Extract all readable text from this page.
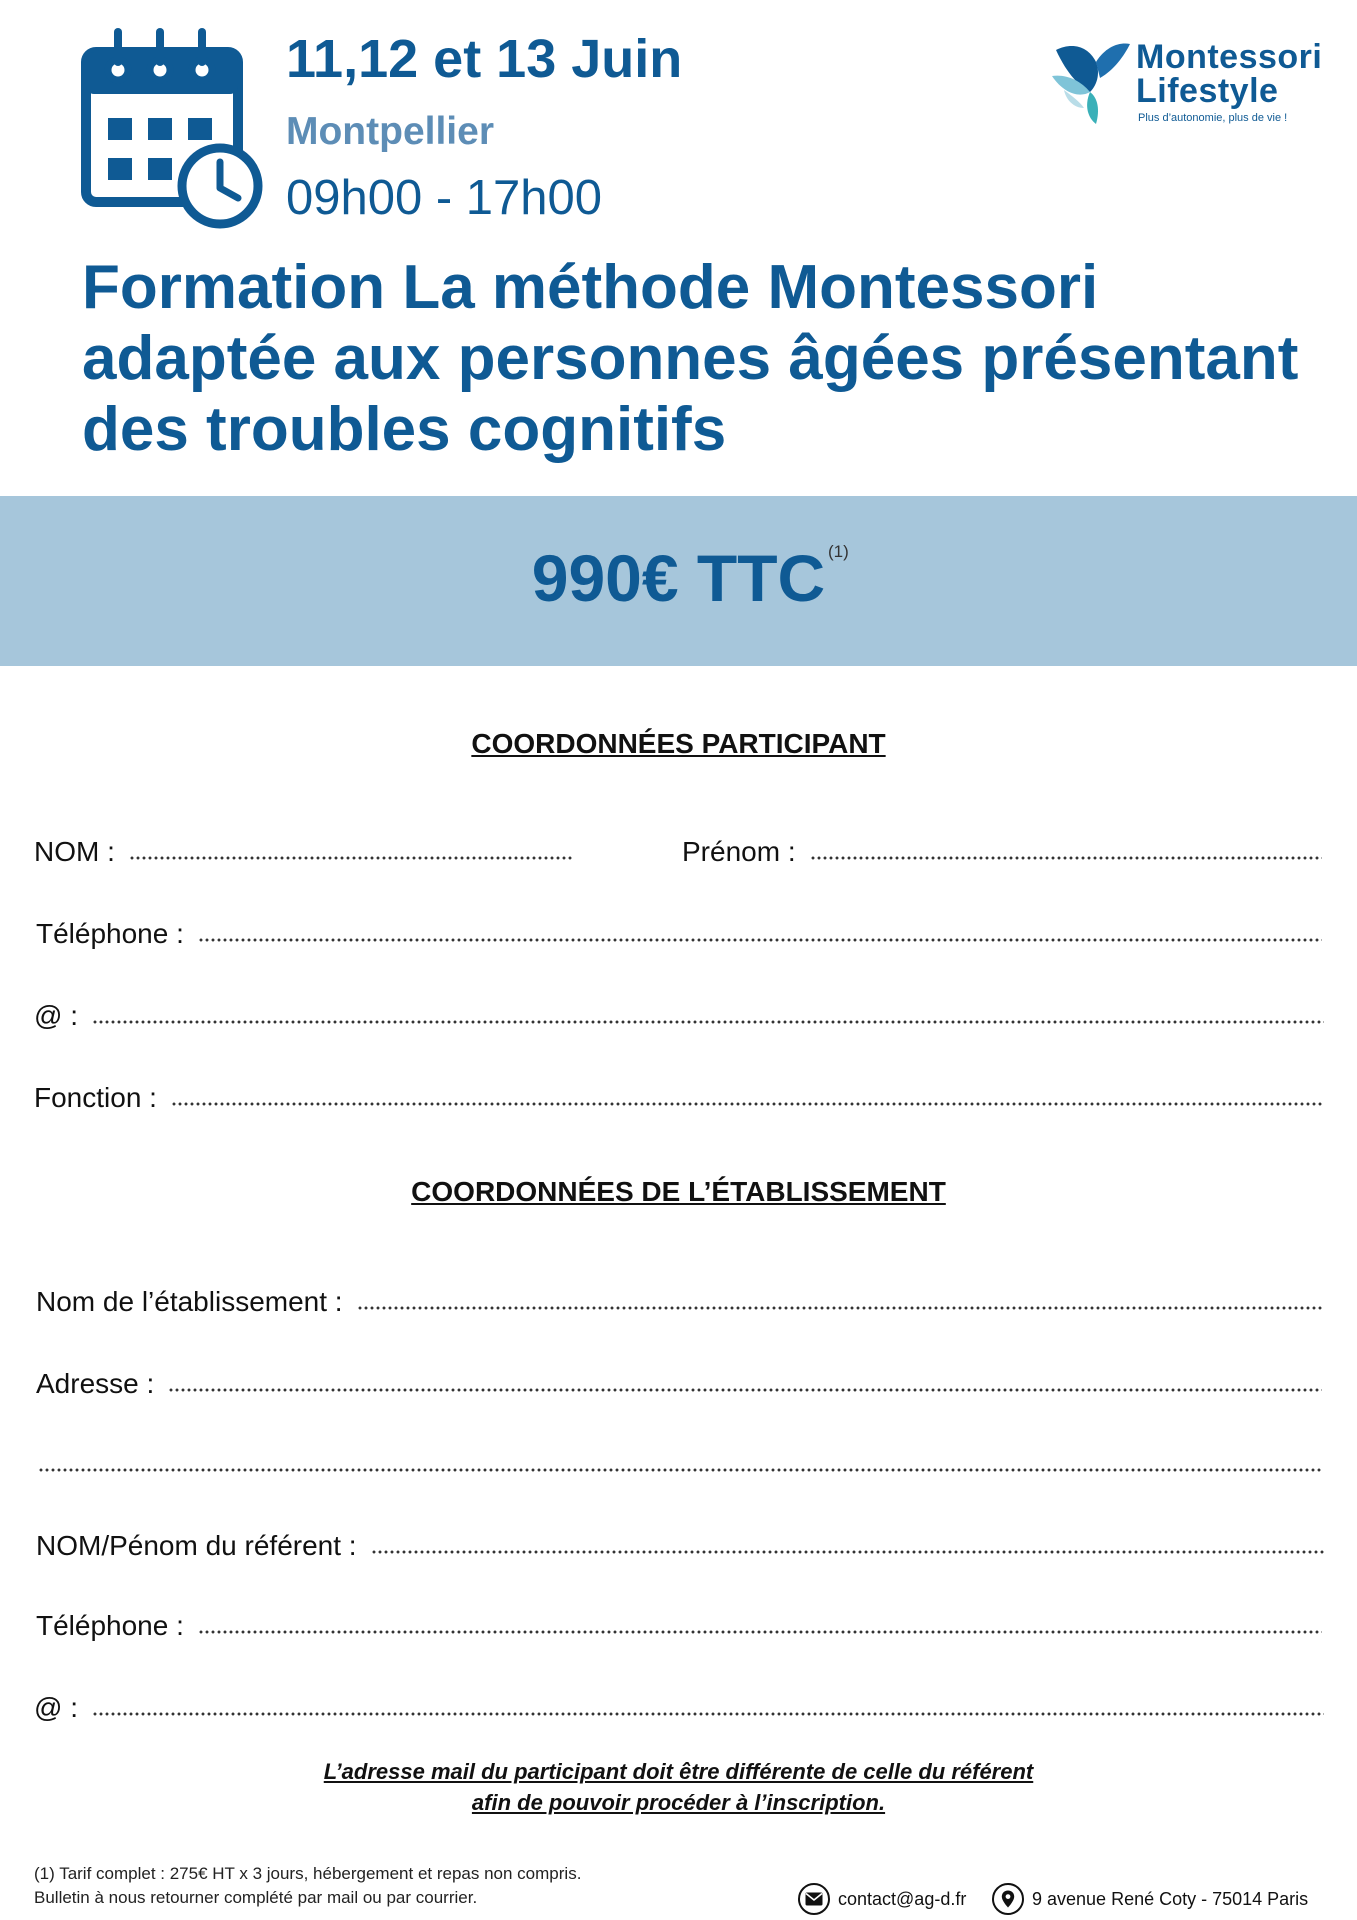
11,12 et 13 Juin
Montpellier
09h00 - 17h00
Montessori
Lifestyle
Plus d’autonomie, plus de vie !
Formation La méthode Montessori
adaptée aux personnes âgées présentant
des troubles cognitifs
990€ TTC (1)
COORDONNÉES PARTICIPANT
NOM :	Prénom :
Téléphone :
@ :
Fonction :
COORDONNÉES DE L’ÉTABLISSEMENT
Nom de l’établissement :
Adresse :
NOM/Pénom du référent :
Téléphone :
@ :
L’adresse mail du participant doit être différente de celle du référent
afin de pouvoir procéder à l’inscription.
(1) Tarif complet : 275€ HT x 3 jours, hébergement et repas non compris.
Bulletin à nous retourner complété par mail ou par courrier.	contact@ag-d.fr	9 avenue René Coty - 75014 Paris
